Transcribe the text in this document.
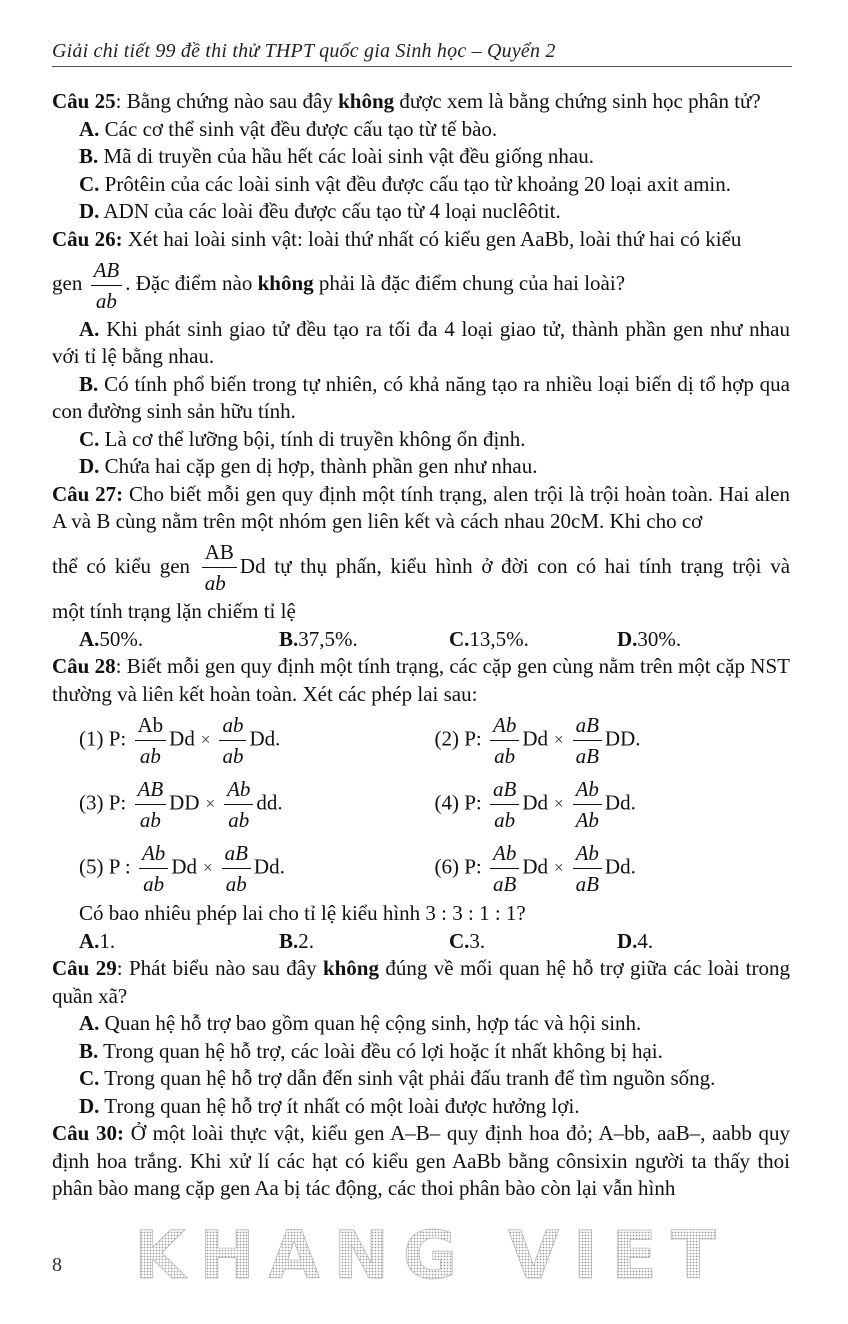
Giải chi tiết 99 đề thi thử THPT quốc gia Sinh học – Quyển 2
Câu 25: Bằng chứng nào sau đây không được xem là bằng chứng sinh học phân tử?
A. Các cơ thể sinh vật đều được cấu tạo từ tế bào.
B. Mã di truyền của hầu hết các loài sinh vật đều giống nhau.
C. Prôtêin của các loài sinh vật đều được cấu tạo từ khoảng 20 loại axit amin.
D. ADN của các loài đều được cấu tạo từ 4 loại nuclêôtit.
Câu 26: Xét hai loài sinh vật: loài thứ nhất có kiểu gen AaBb, loài thứ hai có kiểu
gen $\frac{AB}{ab}$ . Đặc điểm nào không phải là đặc điểm chung của hai loài?
A. Khi phát sinh giao tử đều tạo ra tối đa 4 loại giao tử, thành phần gen như nhau với tỉ lệ bằng nhau.
B. Có tính phổ biến trong tự nhiên, có khả năng tạo ra nhiều loại biến dị tổ hợp qua con đường sinh sản hữu tính.
C. Là cơ thể lưỡng bội, tính di truyền không ổn định.
D. Chứa hai cặp gen dị hợp, thành phần gen như nhau.
Câu 27: Cho biết mỗi gen quy định một tính trạng, alen trội là trội hoàn toàn. Hai alen A và B cùng nằm trên một nhóm gen liên kết và cách nhau 20cM. Khi cho cơ
thể có kiểu gen $\frac{AB}{ab}$ Dd tự thụ phấn, kiểu hình ở đời con có hai tính trạng trội và
một tính trạng lặn chiếm tỉ lệ
A.50%.	B.37,5%.	C.13,5%.	D.30%.
Câu 28: Biết mỗi gen quy định một tính trạng, các cặp gen cùng nằm trên một cặp NST thường và liên kết hoàn toàn. Xét các phép lai sau:
(1) P: $\frac{Ab}{ab}$ $Dd \times \frac{ab}{ab} Dd$.	(2) P: $\frac{Ab}{ab}$ $Dd \times \frac{aB}{aB}$ DD.
(3) P: $\frac{AB}{ab}$ DD × $\frac{Ab}{ab}$ dd.	(4) P: $\frac{aB}{ab}$ $Dd \times \frac{Ab}{Ab} Dd$.
(5) P : $\frac{Ab}{ab}$ $Dd \times \frac{aB}{ab} Dd$.	(6) P: $\frac{Ab}{aB}$ $Dd \times \frac{Ab}{aB} Dd$.
Có bao nhiêu phép lai cho tỉ lệ kiểu hình 3 : 3 : 1 : 1?
A.1.	B.2.	C.3.	D.4.
Câu 29: Phát biểu nào sau đây không đúng về mối quan hệ hỗ trợ giữa các loài trong quần xã?
A. Quan hệ hỗ trợ bao gồm quan hệ cộng sinh, hợp tác và hội sinh.
B. Trong quan hệ hỗ trợ, các loài đều có lợi hoặc ít nhất không bị hại.
C. Trong quan hệ hỗ trợ dẫn đến sinh vật phải đấu tranh để tìm nguồn sống.
D. Trong quan hệ hỗ trợ ít nhất có một loài được hưởng lợi.
Câu 30: Ở một loài thực vật, kiểu gen A–B– quy định hoa đỏ; A–bb, aaB–, aabb quy định hoa trắng. Khi xử lí các hạt có kiểu gen AaBb bằng cônsixin người ta thấy thoi phân bào mang cặp gen Aa bị tác động, các thoi phân bào còn lại vẫn hình
8 KHANG VIET
